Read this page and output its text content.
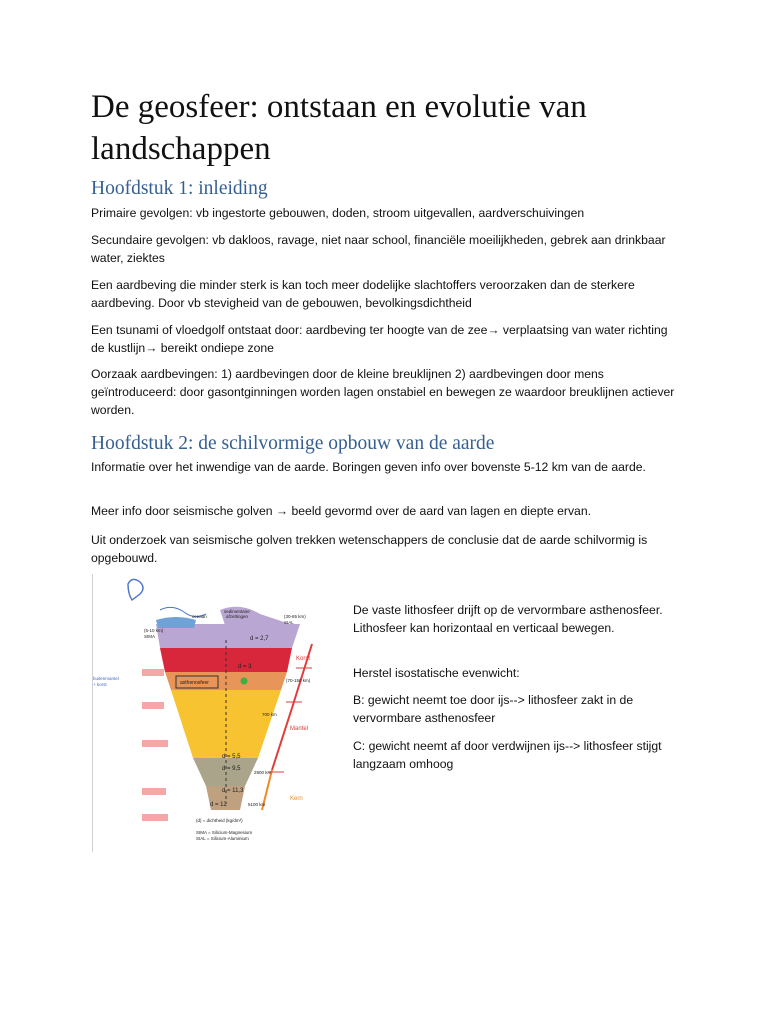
De geosfeer: ontstaan en evolutie van landschappen
Hoofdstuk 1: inleiding

Primaire gevolgen: vb ingestorte gebouwen, doden, stroom uitgevallen, aardverschuivingen

Secundaire gevolgen: vb dakloos, ravage, niet naar school, financiële moeilijkheden, gebrek aan drinkbaar water, ziektes

Een aardbeving die minder sterk is kan toch meer dodelijke slachtoffers veroorzaken dan de sterkere aardbeving. Door vb stevigheid van de gebouwen, bevolkingsdichtheid

Een tsunami of vloedgolf ontstaat door: aardbeving ter hoogte van de zee→ verplaatsing van water richting de kustlijn→ bereikt ondiepe zone

Oorzaak aardbevingen: 1) aardbevingen door de kleine breuklijnen 2) aardbevingen door mens geïntroduceerd: door gasontginningen worden lagen onstabiel en bewegen ze waardoor breuklijnen actiever worden.

Hoofdstuk 2: de schilvormige opbouw van de aarde

Informatie over het inwendige van de aarde. Boringen geven info over bovenste 5-12 km van de aarde.

Meer info door seismische golven → beeld gevormd over de aard van lagen en diepte ervan.

Uit onderzoek van seismische golven trekken wetenschappers de conclusie dat de aarde schilvormig is opgebouwd.

oceaan
sedimentaire
afzettingen
(5-10 km)
SIMA
(30-65 km)
SIAL
d = 2,7
d = 3
asthenosfeer
buitenmantel
+ korst
Korst
Mantel
Kern
(70-150 km)
700 km
2900 km
5100 km
d = 5,5
d = 9,5
d = 11,3
d = 12
(d) = dichtheid (kg/dm³)
SIMA = Silicium-Magnesium
SIAL = Silicium-Aluminium

De vaste lithosfeer drijft op de vervormbare asthenosfeer. Lithosfeer kan horizontaal en verticaal bewegen.

Herstel isostatische evenwicht:

B: gewicht neemt toe door ijs--> lithosfeer zakt in de vervormbare asthenosfeer

C: gewicht neemt af door verdwijnen ijs--> lithosfeer stijgt langzaam omhoog
